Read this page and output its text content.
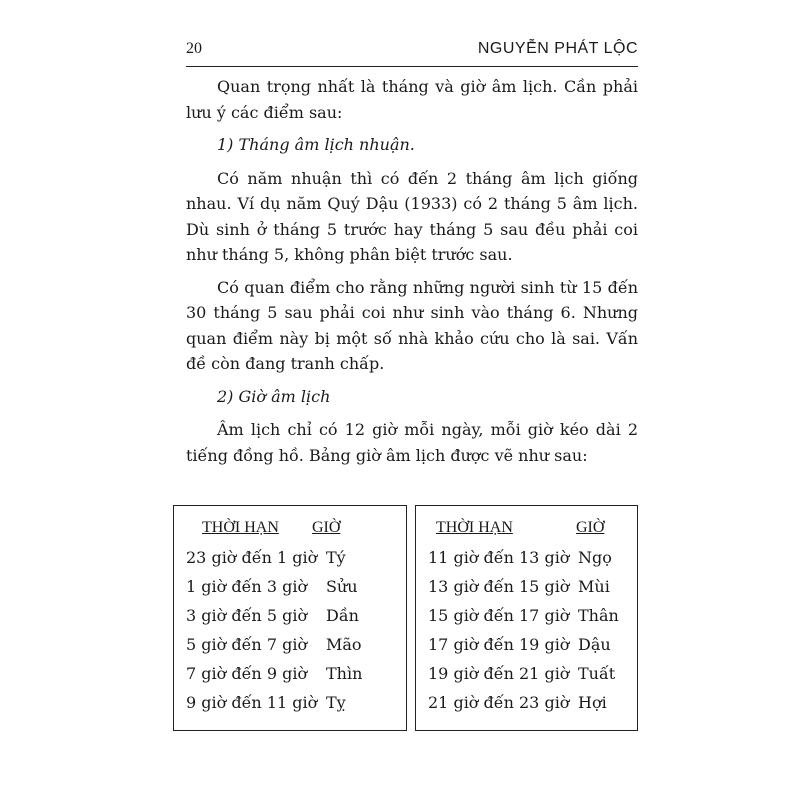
20	NGUYỄN PHÁT LỘC

Quan trọng nhất là tháng và giờ âm lịch. Cần phải lưu ý các điểm sau:

1) Tháng âm lịch nhuận.

Có năm nhuận thì có đến 2 tháng âm lịch giống nhau. Ví dụ năm Quý Dậu (1933) có 2 tháng 5 âm lịch. Dù sinh ở tháng 5 trước hay tháng 5 sau đều phải coi như tháng 5, không phân biệt trước sau.

Có quan điểm cho rằng những người sinh từ 15 đến 30 tháng 5 sau phải coi như sinh vào tháng 6. Nhưng quan điểm này bị một số nhà khảo cứu cho là sai. Vấn đề còn đang tranh chấp.

2) Giờ âm lịch

Âm lịch chỉ có 12 giờ mỗi ngày, mỗi giờ kéo dài 2 tiếng đồng hồ. Bảng giờ âm lịch được vẽ như sau:

THỜI HẠN GIỜ
23 giờ đến 1 giờ Tý
1 giờ đến 3 giờ Sửu
3 giờ đến 5 giờ Dần
5 giờ đến 7 giờ Mão
7 giờ đến 9 giờ Thìn
9 giờ đến 11 giờ Tỵ
THỜI HẠN	GIỜ
11 giờ đến 13 giờ Ngọ
13 giờ đến 15 giờ Mùi
15 giờ đến 17 giờ Thân
17 giờ đến 19 giờ Dậu
19 giờ đến 21 giờ Tuất
21 giờ đến 23 giờ Hợi
